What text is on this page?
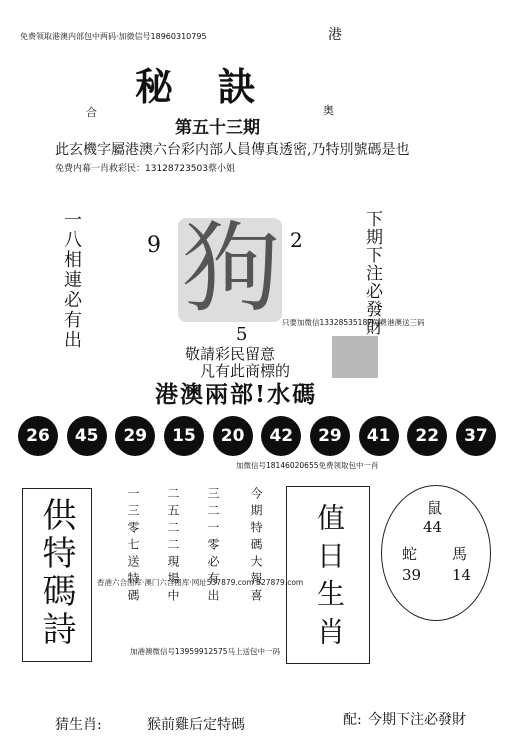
免费领取港澳内部包中两码·加微信号18960310795	港
秘  訣
合	奥
第五十三期
此玄機字屬港澳六台彩内部人員傳真透密,乃特別號碼是也
免费内幕一肖救彩民：13128723503蔡小姐
一八相連必有出	下期下注必發財
9	2
狗
5
只要加微信13328535187免费港澳送三码
敬請彩民留意
凡有此商標的
港澳兩部!水碼
26	45	29	15	20	42	29	41	22	37
加微信号18146020655免费领取包中一肖
供特碼詩	今期特碼大報喜
三二一零必有出
二五二二現場中
一三零七送特碼	值日生肖	鼠
44
蛇 馬
39 14
香港六合图库·澳门六合图库·网址537879.com 527879.com
加港澳微信号13959912575马上送包中一码
猜生肖:	猴前雞后定特碼	配: 今期下注必發財
